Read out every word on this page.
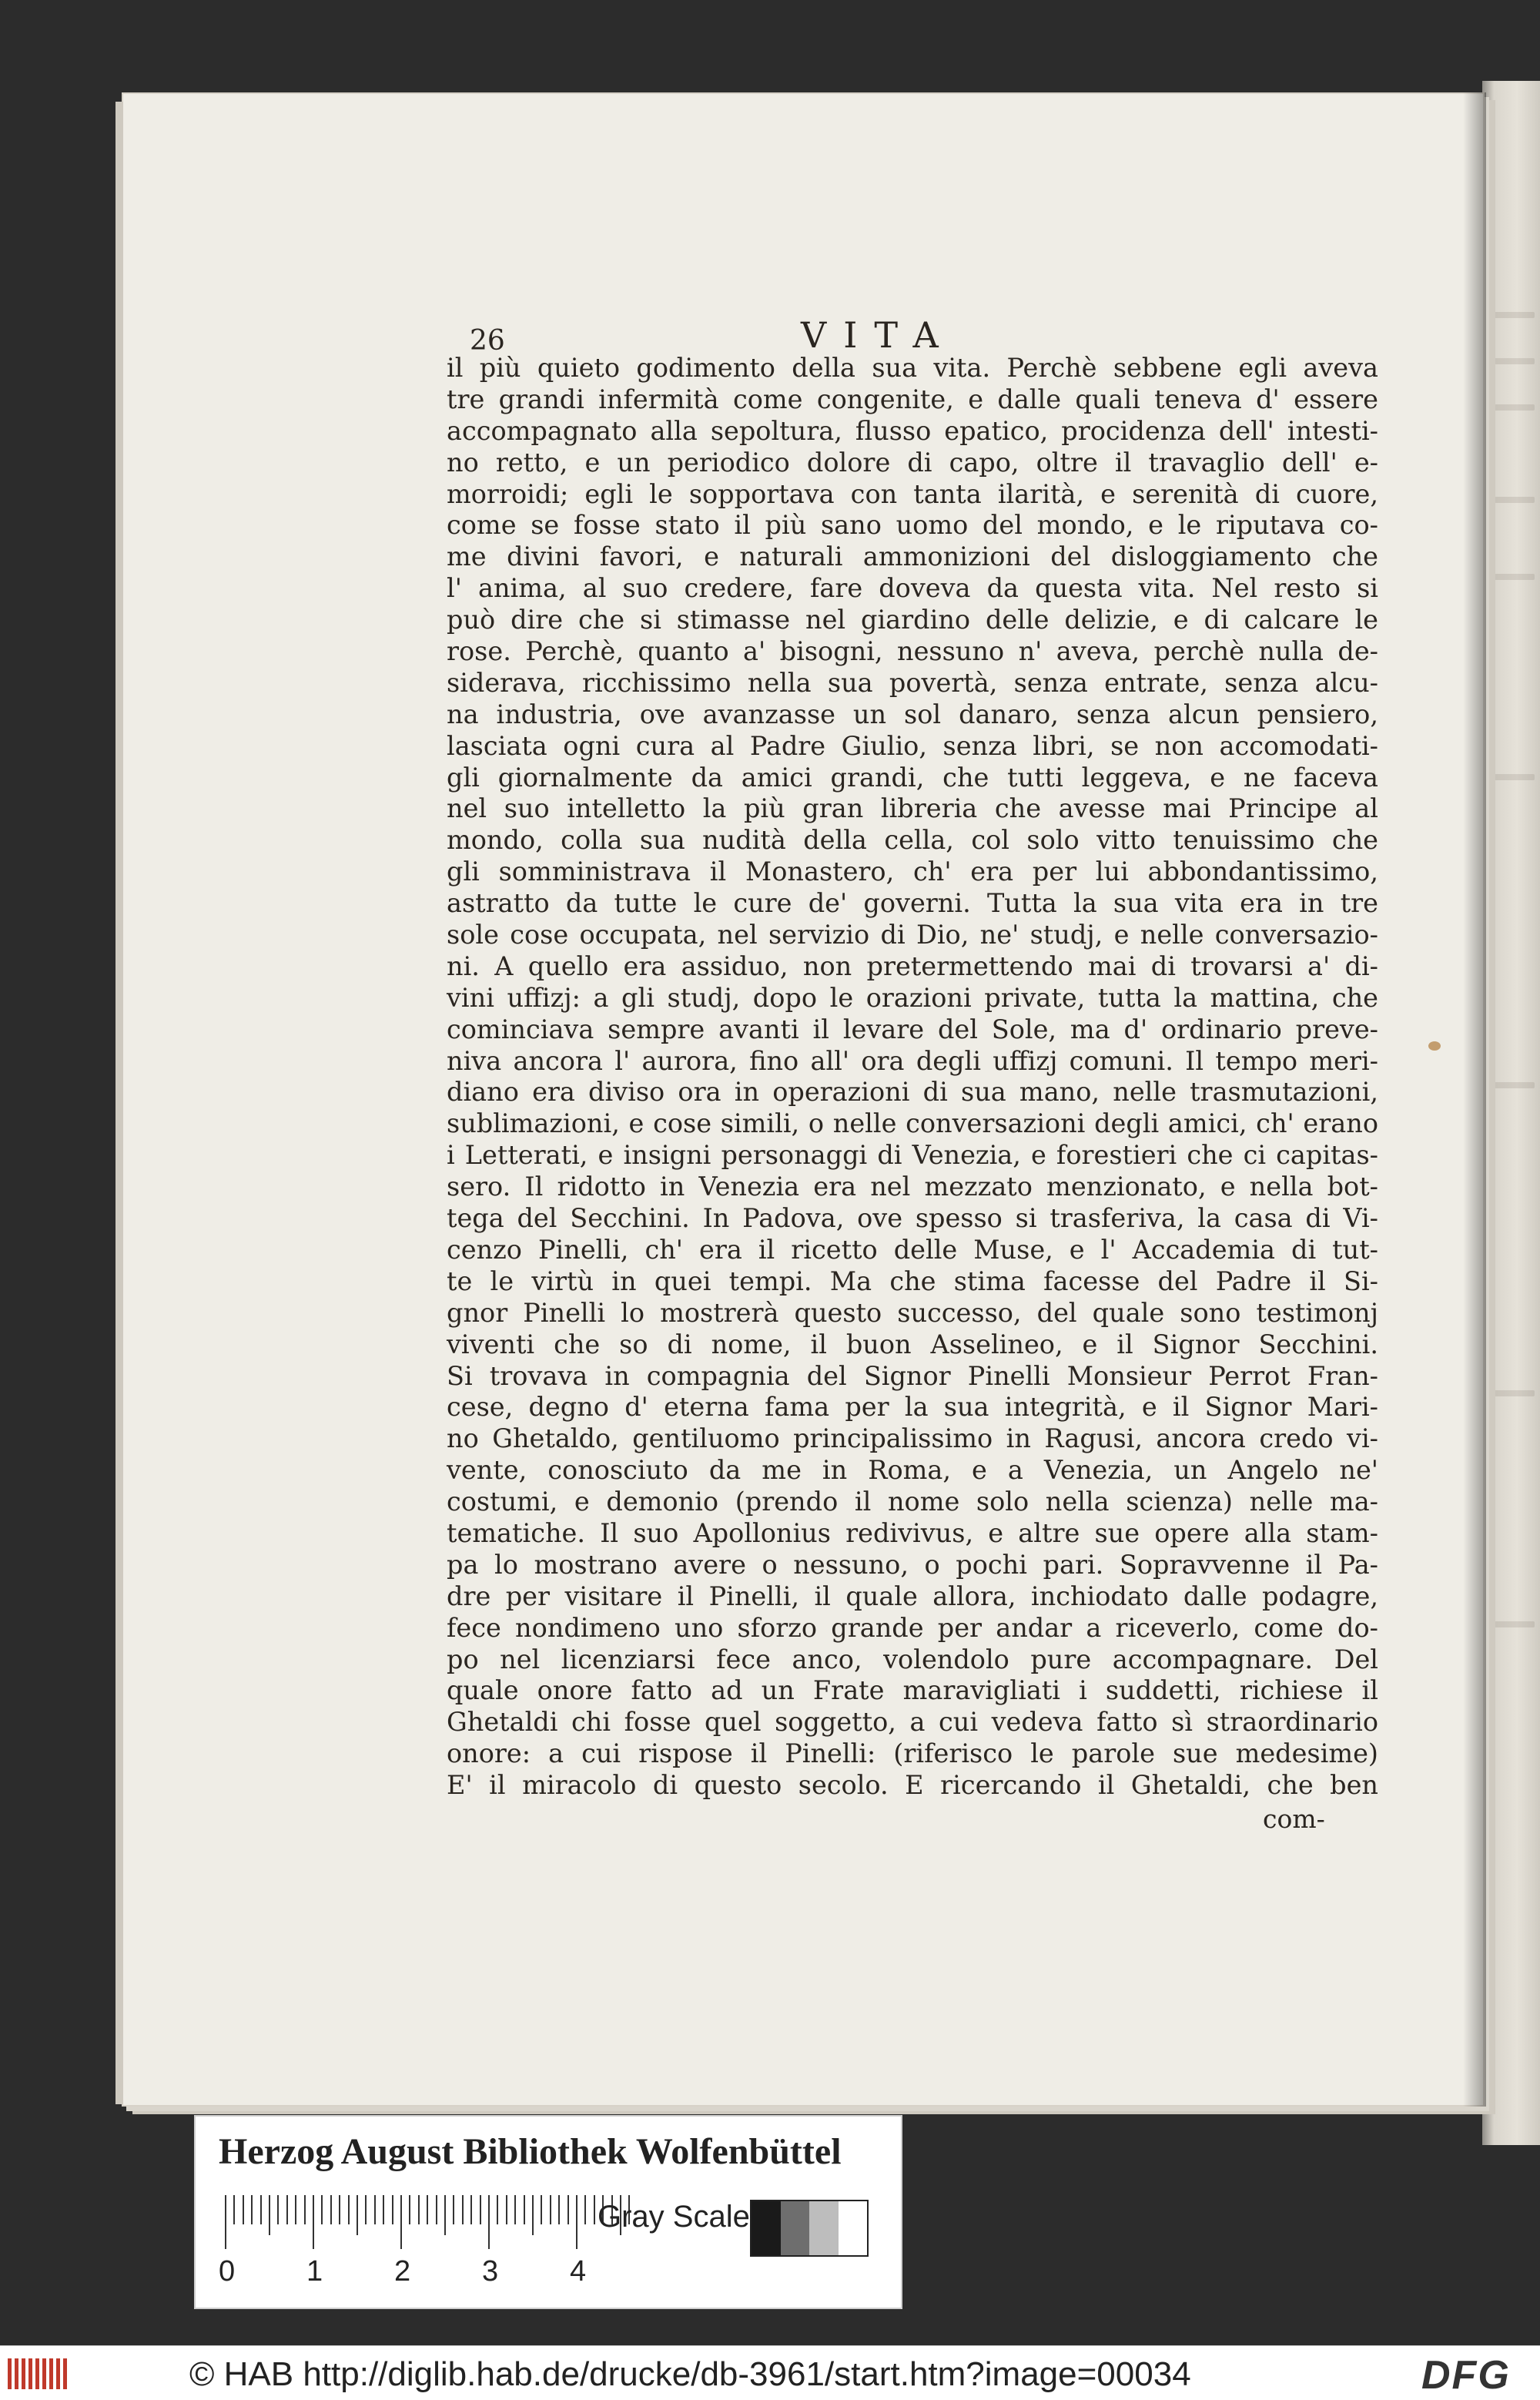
26	VITA
il più quieto godimento della sua vita. Perchè sebbene egli aveva
tre grandi infermità come congenite, e dalle quali teneva d' essere
accompagnato alla sepoltura, flusso epatico, procidenza dell' intesti-
no retto, e un periodico dolore di capo, oltre il travaglio dell' e-
morroidi; egli le sopportava con tanta ilarità, e serenità di cuore,
come se fosse stato il più sano uomo del mondo, e le riputava co-
me divini favori, e naturali ammonizioni del disloggiamento che
l' anima, al suo credere, fare doveva da questa vita. Nel resto si
può dire che si stimasse nel giardino delle delizie, e di calcare le
rose. Perchè, quanto a' bisogni, nessuno n' aveva, perchè nulla de-
siderava, ricchissimo nella sua povertà, senza entrate, senza alcu-
na industria, ove avanzasse un sol danaro, senza alcun pensiero,
lasciata ogni cura al Padre Giulio, senza libri, se non accomodati-
gli giornalmente da amici grandi, che tutti leggeva, e ne faceva
nel suo intelletto la più gran libreria che avesse mai Principe al
mondo, colla sua nudità della cella, col solo vitto tenuissimo che
gli somministrava il Monastero, ch' era per lui abbondantissimo,
astratto da tutte le cure de' governi. Tutta la sua vita era in tre
sole cose occupata, nel servizio di Dio, ne' studj, e nelle conversazio-
ni. A quello era assiduo, non pretermettendo mai di trovarsi a' di-
vini uffizj: a gli studj, dopo le orazioni private, tutta la mattina, che
cominciava sempre avanti il levare del Sole, ma d' ordinario preve-
niva ancora l' aurora, fino all' ora degli uffizj comuni. Il tempo meri-
diano era diviso ora in operazioni di sua mano, nelle trasmutazioni,
sublimazioni, e cose simili, o nelle conversazioni degli amici, ch' erano
i Letterati, e insigni personaggi di Venezia, e forestieri che ci capitas-
sero. Il ridotto in Venezia era nel mezzato menzionato, e nella bot-
tega del Secchini. In Padova, ove spesso si trasferiva, la casa di Vi-
cenzo Pinelli, ch' era il ricetto delle Muse, e l' Accademia di tut-
te le virtù in quei tempi. Ma che stima facesse del Padre il Si-
gnor Pinelli lo mostrerà questo successo, del quale sono testimonj
viventi che so di nome, il buon Asselineo, e il Signor Secchini.
Si trovava in compagnia del Signor Pinelli Monsieur Perrot Fran-
cese, degno d' eterna fama per la sua integrità, e il Signor Mari-
no Ghetaldo, gentiluomo principalissimo in Ragusi, ancora credo vi-
vente, conosciuto da me in Roma, e a Venezia, un Angelo ne'
costumi, e demonio (prendo il nome solo nella scienza) nelle ma-
tematiche. Il suo Apollonius redivivus, e altre sue opere alla stam-
pa lo mostrano avere o nessuno, o pochi pari. Sopravvenne il Pa-
dre per visitare il Pinelli, il quale allora, inchiodato dalle podagre,
fece nondimeno uno sforzo grande per andar a riceverlo, come do-
po nel licenziarsi fece anco, volendolo pure accompagnare. Del
quale onore fatto ad un Frate maravigliati i suddetti, richiese il
Ghetaldi chi fosse quel soggetto, a cui vedeva fatto sì straordinario
onore: a cui rispose il Pinelli: (riferisco le parole sue medesime)
E' il miracolo di questo secolo. E ricercando il Ghetaldi, che ben
com-
Herzog August Bibliothek Wolfenbüttel
0 1 2 3 4
Gray Scale
© HAB http://diglib.hab.de/drucke/db-3961/start.htm?image=00034	DFG
